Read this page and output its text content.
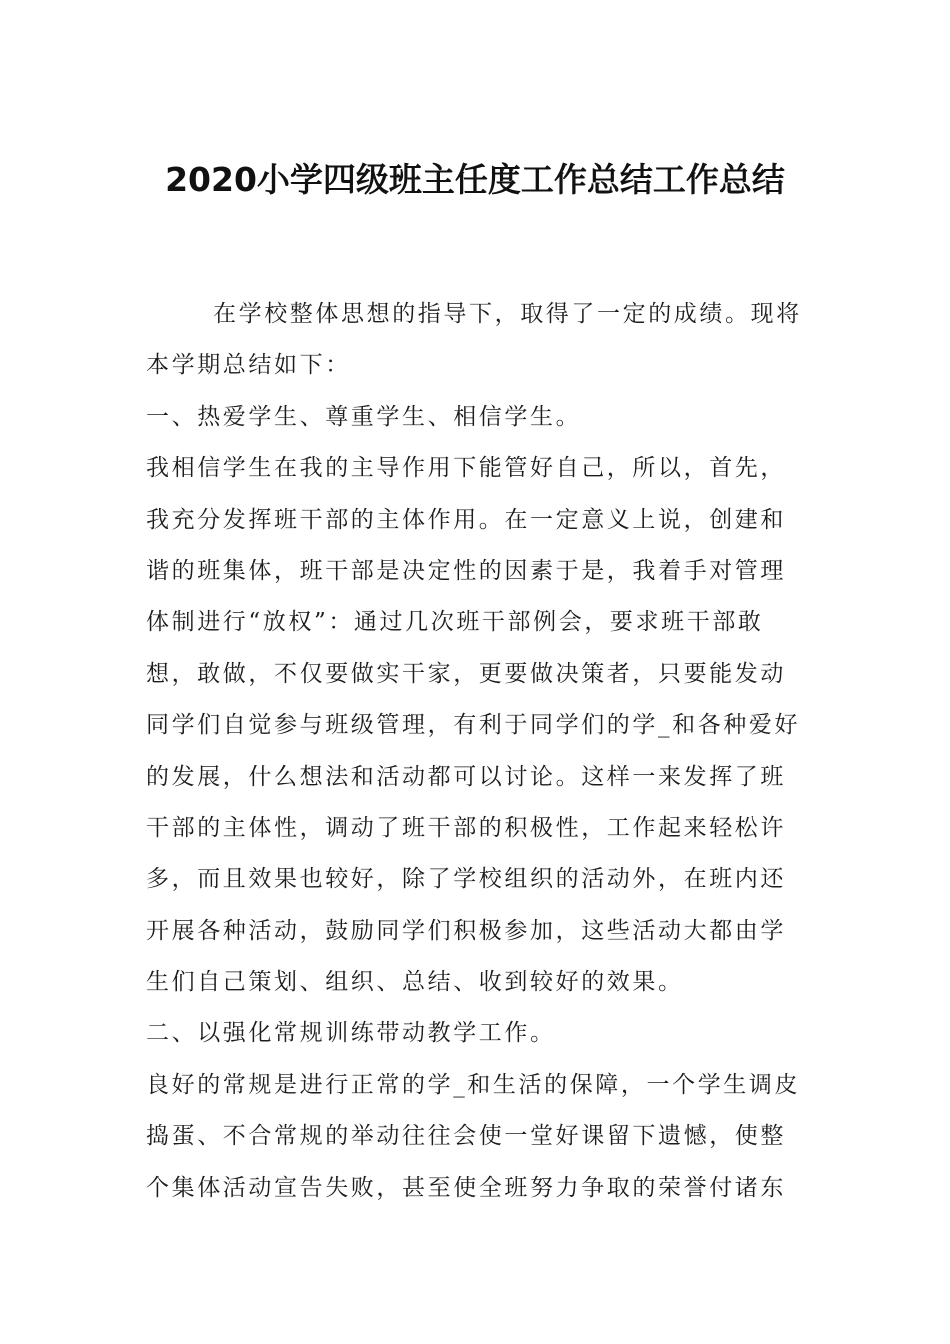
2020小学四级班主任度工作总结工作总结
在学校整体思想的指导下，取得了一定的成绩。现将
本学期总结如下：
一、热爱学生、尊重学生、相信学生。
我相信学生在我的主导作用下能管好自己，所以，首先，
我充分发挥班干部的主体作用。在一定意义上说，创建和
谐的班集体，班干部是决定性的因素于是，我着手对管理
体制进行“放权”：通过几次班干部例会，要求班干部敢
想，敢做，不仅要做实干家，更要做决策者，只要能发动
同学们自觉参与班级管理，有利于同学们的学_和各种爱好
的发展，什么想法和活动都可以讨论。这样一来发挥了班
干部的主体性，调动了班干部的积极性，工作起来轻松许
多，而且效果也较好，除了学校组织的活动外，在班内还
开展各种活动，鼓励同学们积极参加，这些活动大都由学
生们自己策划、组织、总结、收到较好的效果。
二、以强化常规训练带动教学工作。
良好的常规是进行正常的学_和生活的保障，一个学生调皮
捣蛋、不合常规的举动往往会使一堂好课留下遗憾，使整
个集体活动宣告失败，甚至使全班努力争取的荣誉付诸东
